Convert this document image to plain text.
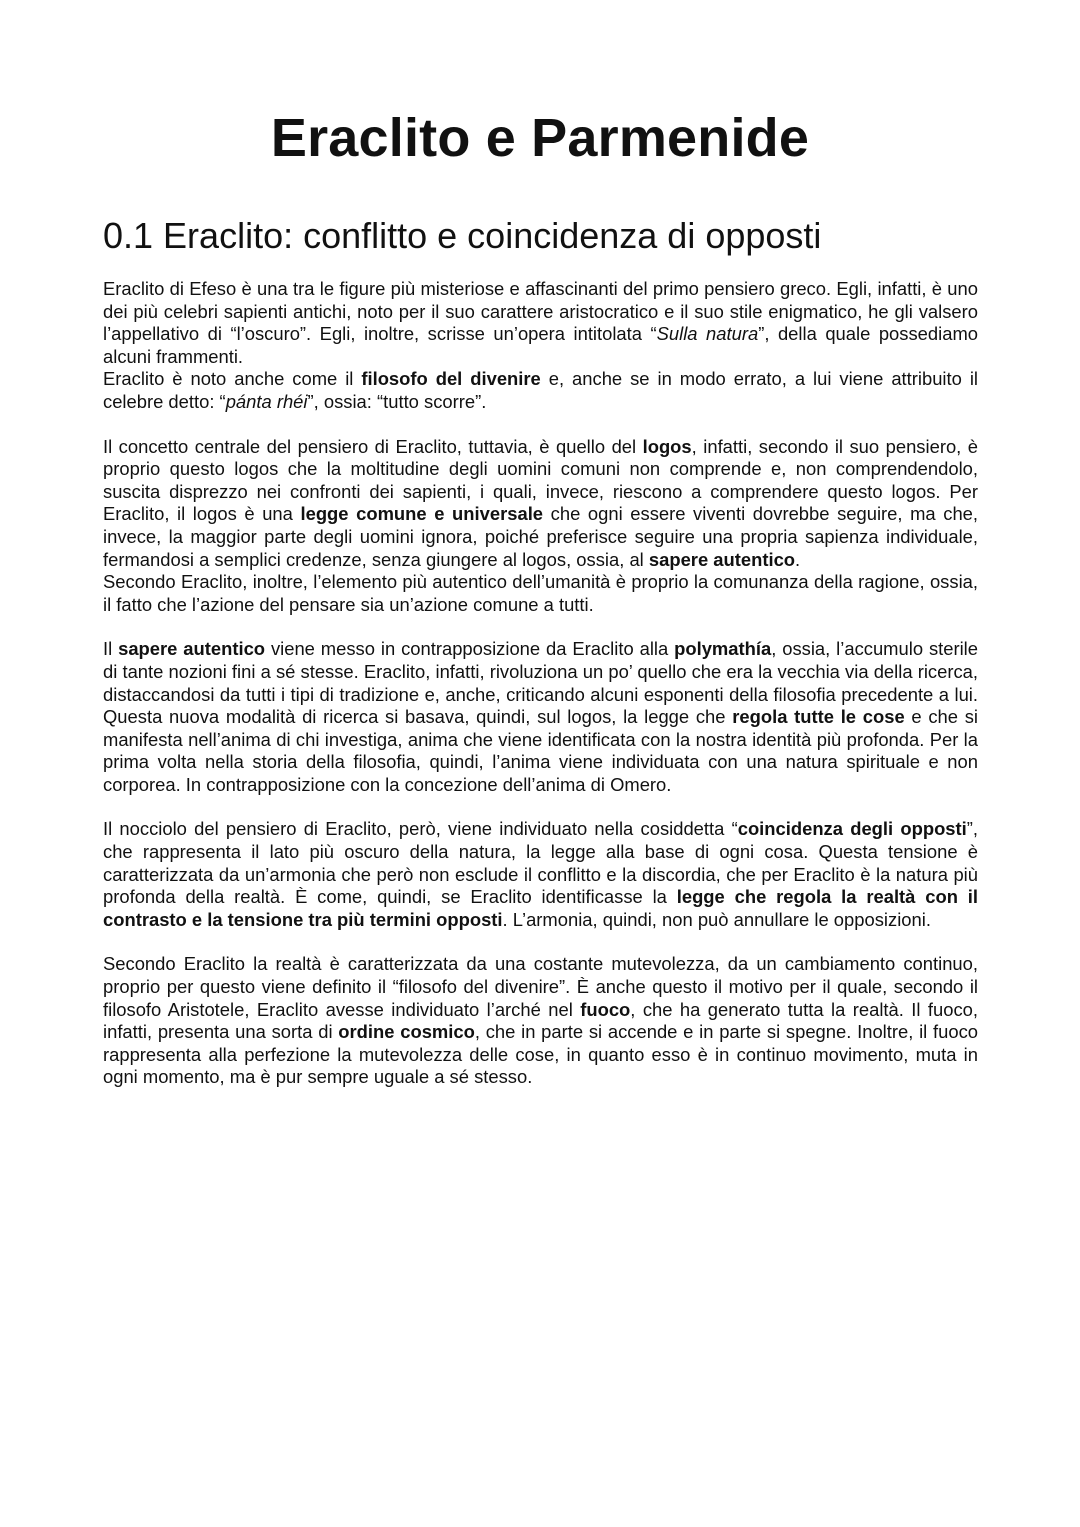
Eraclito e Parmenide
0.1 Eraclito: conflitto e coincidenza di opposti

Eraclito di Efeso è una tra le figure più misteriose e affascinanti del primo pensiero greco. Egli, infatti, è uno dei più celebri sapienti antichi, noto per il suo carattere aristocratico e il suo stile enigmatico, he gli valsero l’appellativo di “l’oscuro”. Egli, inoltre, scrisse un’opera intitolata “Sulla natura”, della quale possediamo alcuni frammenti.

Eraclito è noto anche come il filosofo del divenire e, anche se in modo errato, a lui viene attribuito il celebre detto: “pánta rhéi”, ossia: “tutto scorre”.

Il concetto centrale del pensiero di Eraclito, tuttavia, è quello del logos, infatti, secondo il suo pensiero, è proprio questo logos che la moltitudine degli uomini comuni non comprende e, non comprendendolo, suscita disprezzo nei confronti dei sapienti, i quali, invece, riescono a comprendere questo logos. Per Eraclito, il logos è una legge comune e universale che ogni essere viventi dovrebbe seguire, ma che, invece, la maggior parte degli uomini ignora, poiché preferisce seguire una propria sapienza individuale, fermandosi a semplici credenze, senza giungere al logos, ossia, al sapere autentico.

Secondo Eraclito, inoltre, l’elemento più autentico dell’umanità è proprio la comunanza della ragione, ossia, il fatto che l’azione del pensare sia un’azione comune a tutti.

Il sapere autentico viene messo in contrapposizione da Eraclito alla polymathía, ossia, l’accumulo sterile di tante nozioni fini a sé stesse. Eraclito, infatti, rivoluziona un po’ quello che era la vecchia via della ricerca, distaccandosi da tutti i tipi di tradizione e, anche, criticando alcuni esponenti della filosofia precedente a lui. Questa nuova modalità di ricerca si basava, quindi, sul logos, la legge che regola tutte le cose e che si manifesta nell’anima di chi investiga, anima che viene identificata con la nostra identità più profonda. Per la prima volta nella storia della filosofia, quindi, l’anima viene individuata con una natura spirituale e non corporea. In contrapposizione con la concezione dell’anima di Omero.

Il nocciolo del pensiero di Eraclito, però, viene individuato nella cosiddetta “coincidenza degli opposti”, che rappresenta il lato più oscuro della natura, la legge alla base di ogni cosa. Questa tensione è caratterizzata da un’armonia che però non esclude il conflitto e la discordia, che per Eraclito è la natura più profonda della realtà. È come, quindi, se Eraclito identificasse la legge che regola la realtà con il contrasto e la tensione tra più termini opposti. L’armonia, quindi, non può annullare le opposizioni.

Secondo Eraclito la realtà è caratterizzata da una costante mutevolezza, da un cambiamento continuo, proprio per questo viene definito il “filosofo del divenire”. È anche questo il motivo per il quale, secondo il filosofo Aristotele, Eraclito avesse individuato l’arché nel fuoco, che ha generato tutta la realtà. Il fuoco, infatti, presenta una sorta di ordine cosmico, che in parte si accende e in parte si spegne. Inoltre, il fuoco rappresenta alla perfezione la mutevolezza delle cose, in quanto esso è in continuo movimento, muta in ogni momento, ma è pur sempre uguale a sé stesso.
